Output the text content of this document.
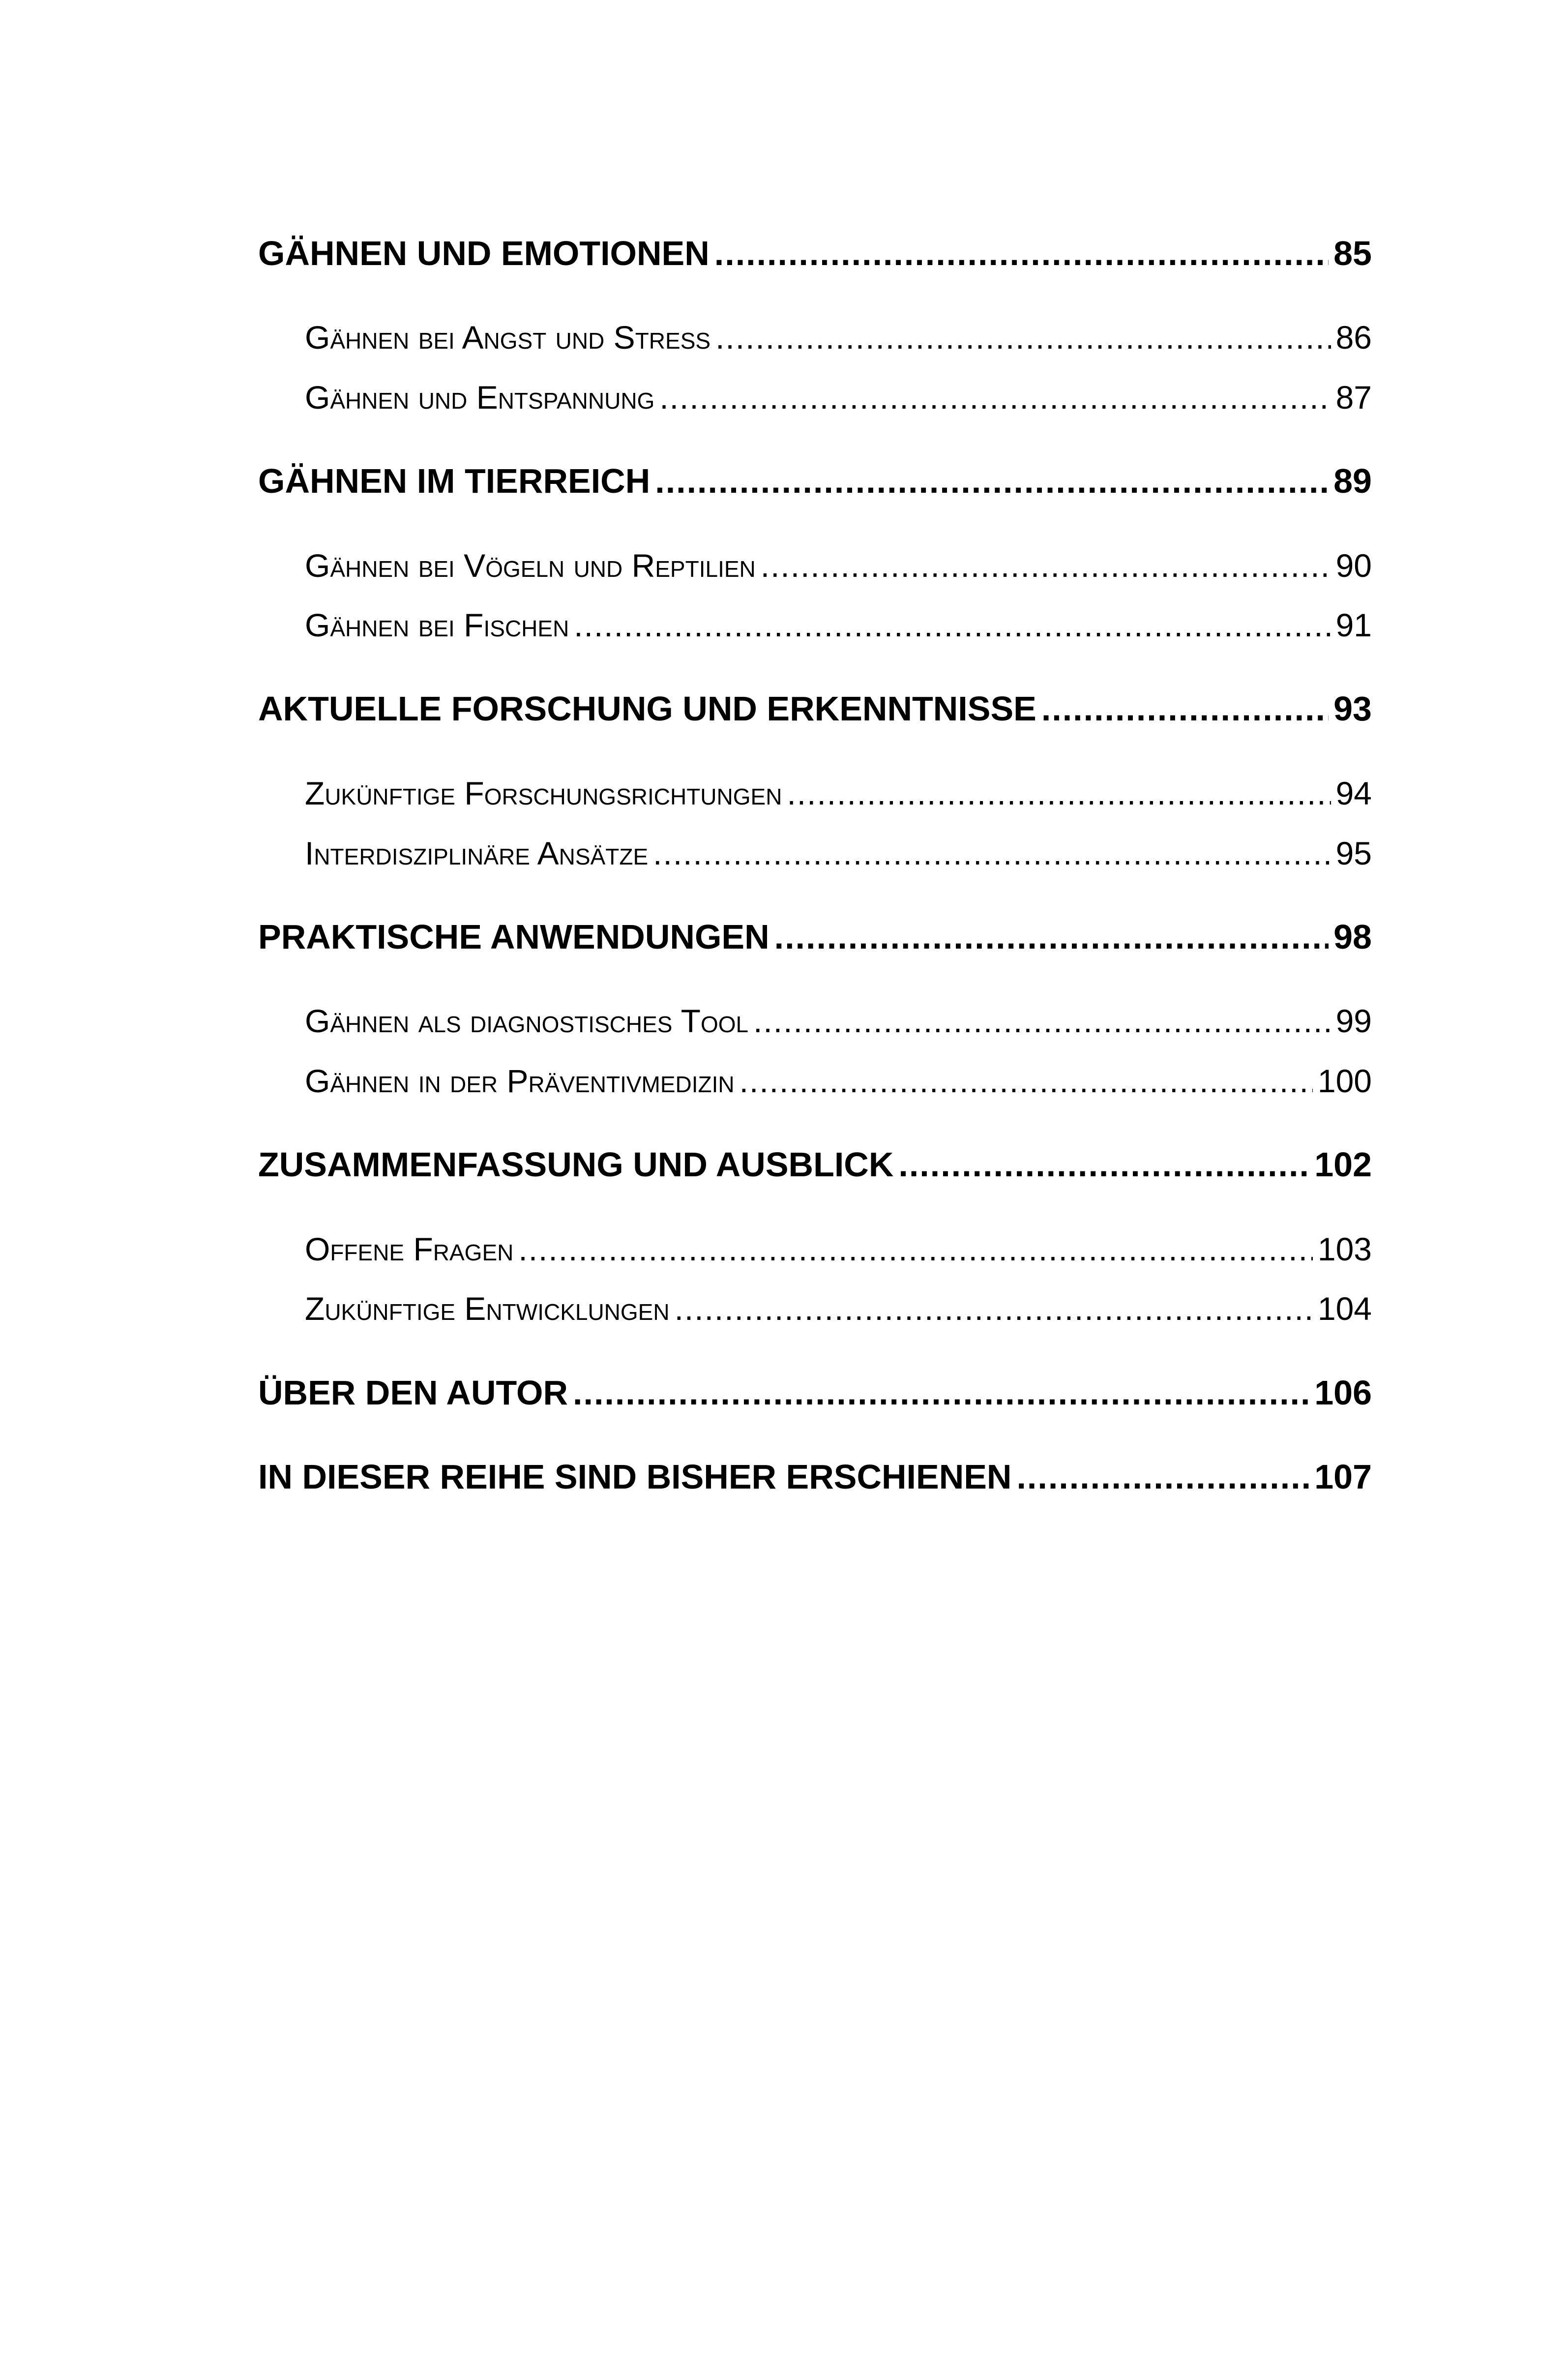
GÄHNEN UND EMOTIONEN .....	85
Gähnen bei Angst und Stress .....	86
Gähnen und Entspannung .....	87
GÄHNEN IM TIERREICH .....	89
Gähnen bei Vögeln und Reptilien .....	90
Gähnen bei Fischen .....	91
AKTUELLE FORSCHUNG UND ERKENNTNISSE .....	93
Zukünftige Forschungsrichtungen .....	94
Interdisziplinäre Ansätze .....	95
PRAKTISCHE ANWENDUNGEN .....	98
Gähnen als diagnostisches Tool .....	99
Gähnen in der Präventivmedizin .....	100
ZUSAMMENFASSUNG UND AUSBLICK .....	102
Offene Fragen .....	103
Zukünftige Entwicklungen .....	104
ÜBER DEN AUTOR .....	106
IN DIESER REIHE SIND BISHER ERSCHIENEN .....	107
